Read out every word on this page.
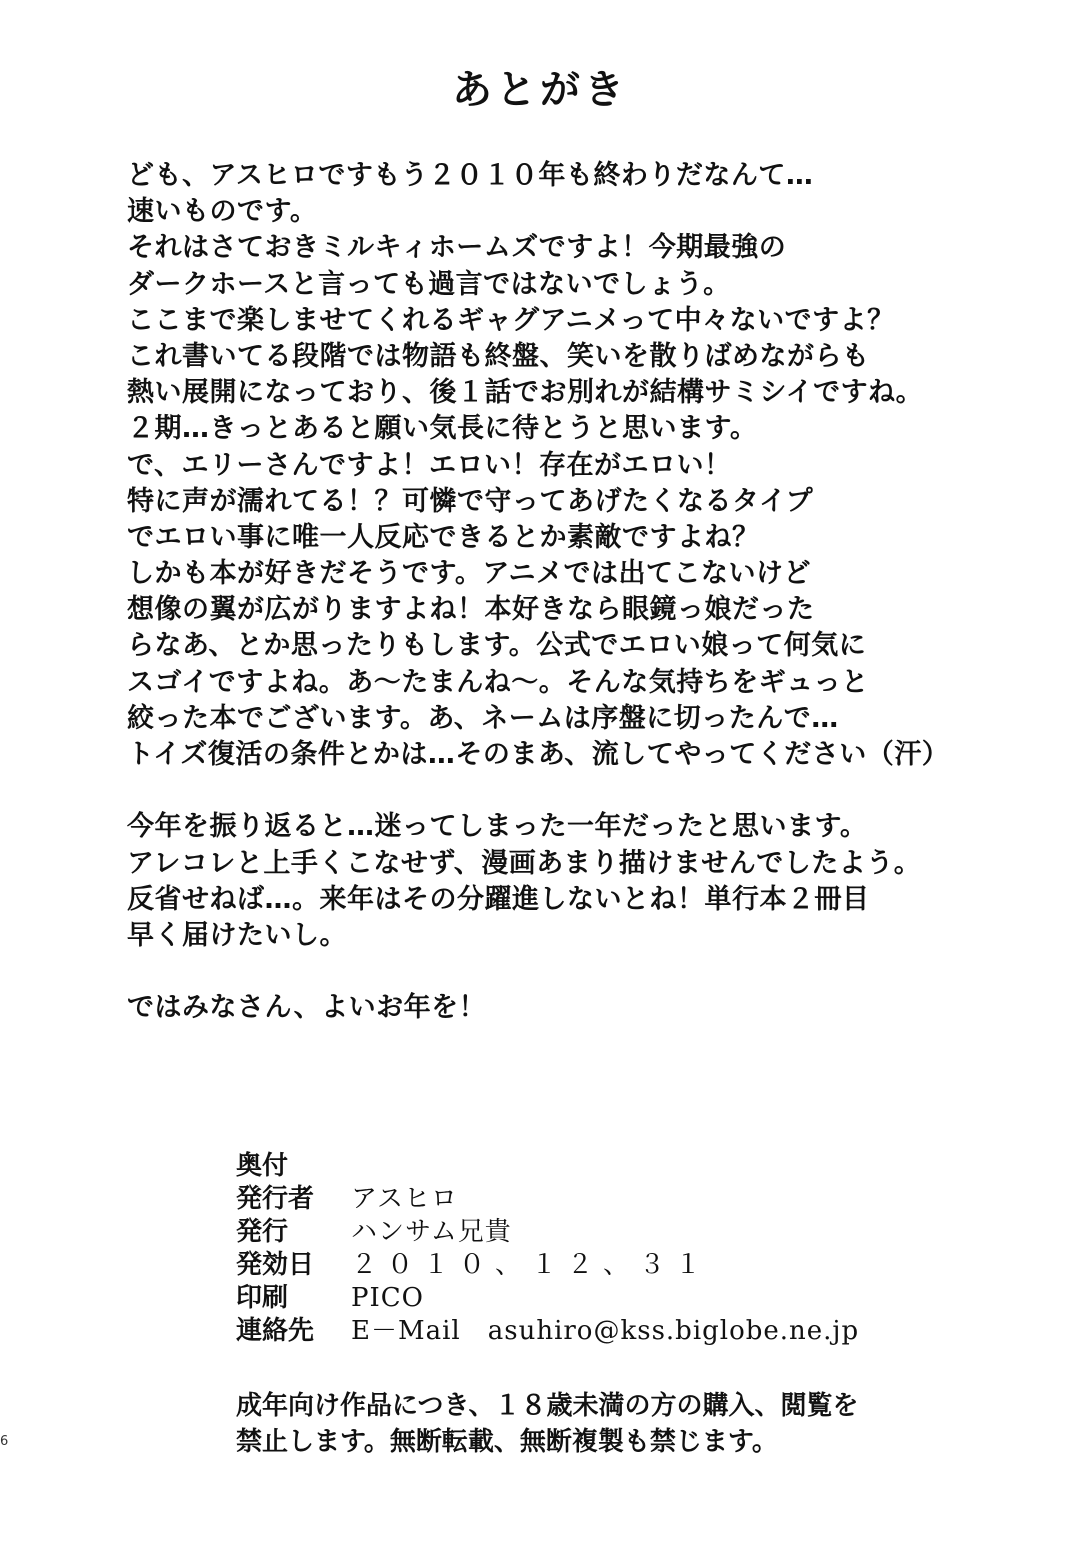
あとがき
ども、アスヒロですもう２０１０年も終わりだなんて…
速いものです。
それはさておきミルキィホームズですよ！今期最強の
ダークホースと言っても過言ではないでしょう。
ここまで楽しませてくれるギャグアニメって中々ないですよ？
これ書いてる段階では物語も終盤、笑いを散りばめながらも
熱い展開になっており、後１話でお別れが結構サミシイですね。
２期…きっとあると願い気長に待とうと思います。
で、エリーさんですよ！エロい！存在がエロい！
特に声が濡れてる！？可憐で守ってあげたくなるタイプ
でエロい事に唯一人反応できるとか素敵ですよね？
しかも本が好きだそうです。アニメでは出てこないけど
想像の翼が広がりますよね！本好きなら眼鏡っ娘だった
らなあ、とか思ったりもします。公式でエロい娘って何気に
スゴイですよね。あ～たまんね～。そんな気持ちをギュっと
絞った本でございます。あ、ネームは序盤に切ったんで…
トイズ復活の条件とかは…そのまあ、流してやってください（汗）
今年を振り返ると…迷ってしまった一年だったと思います。
アレコレと上手くこなせず、漫画あまり描けませんでしたよう。
反省せねば…。来年はその分躍進しないとね！単行本２冊目
早く届けたいし。
ではみなさん、よいお年を！
奥付
発行者	アスヒロ
発行	ハンサム兄貴
発効日	２０１０、１２、３１
印刷	PICO
連絡先	E－Mail　asuhiro@kss.biglobe.ne.jp
成年向け作品につき、１８歳未満の方の購入、閲覧を
禁止します。無断転載、無断複製も禁じます。
6
